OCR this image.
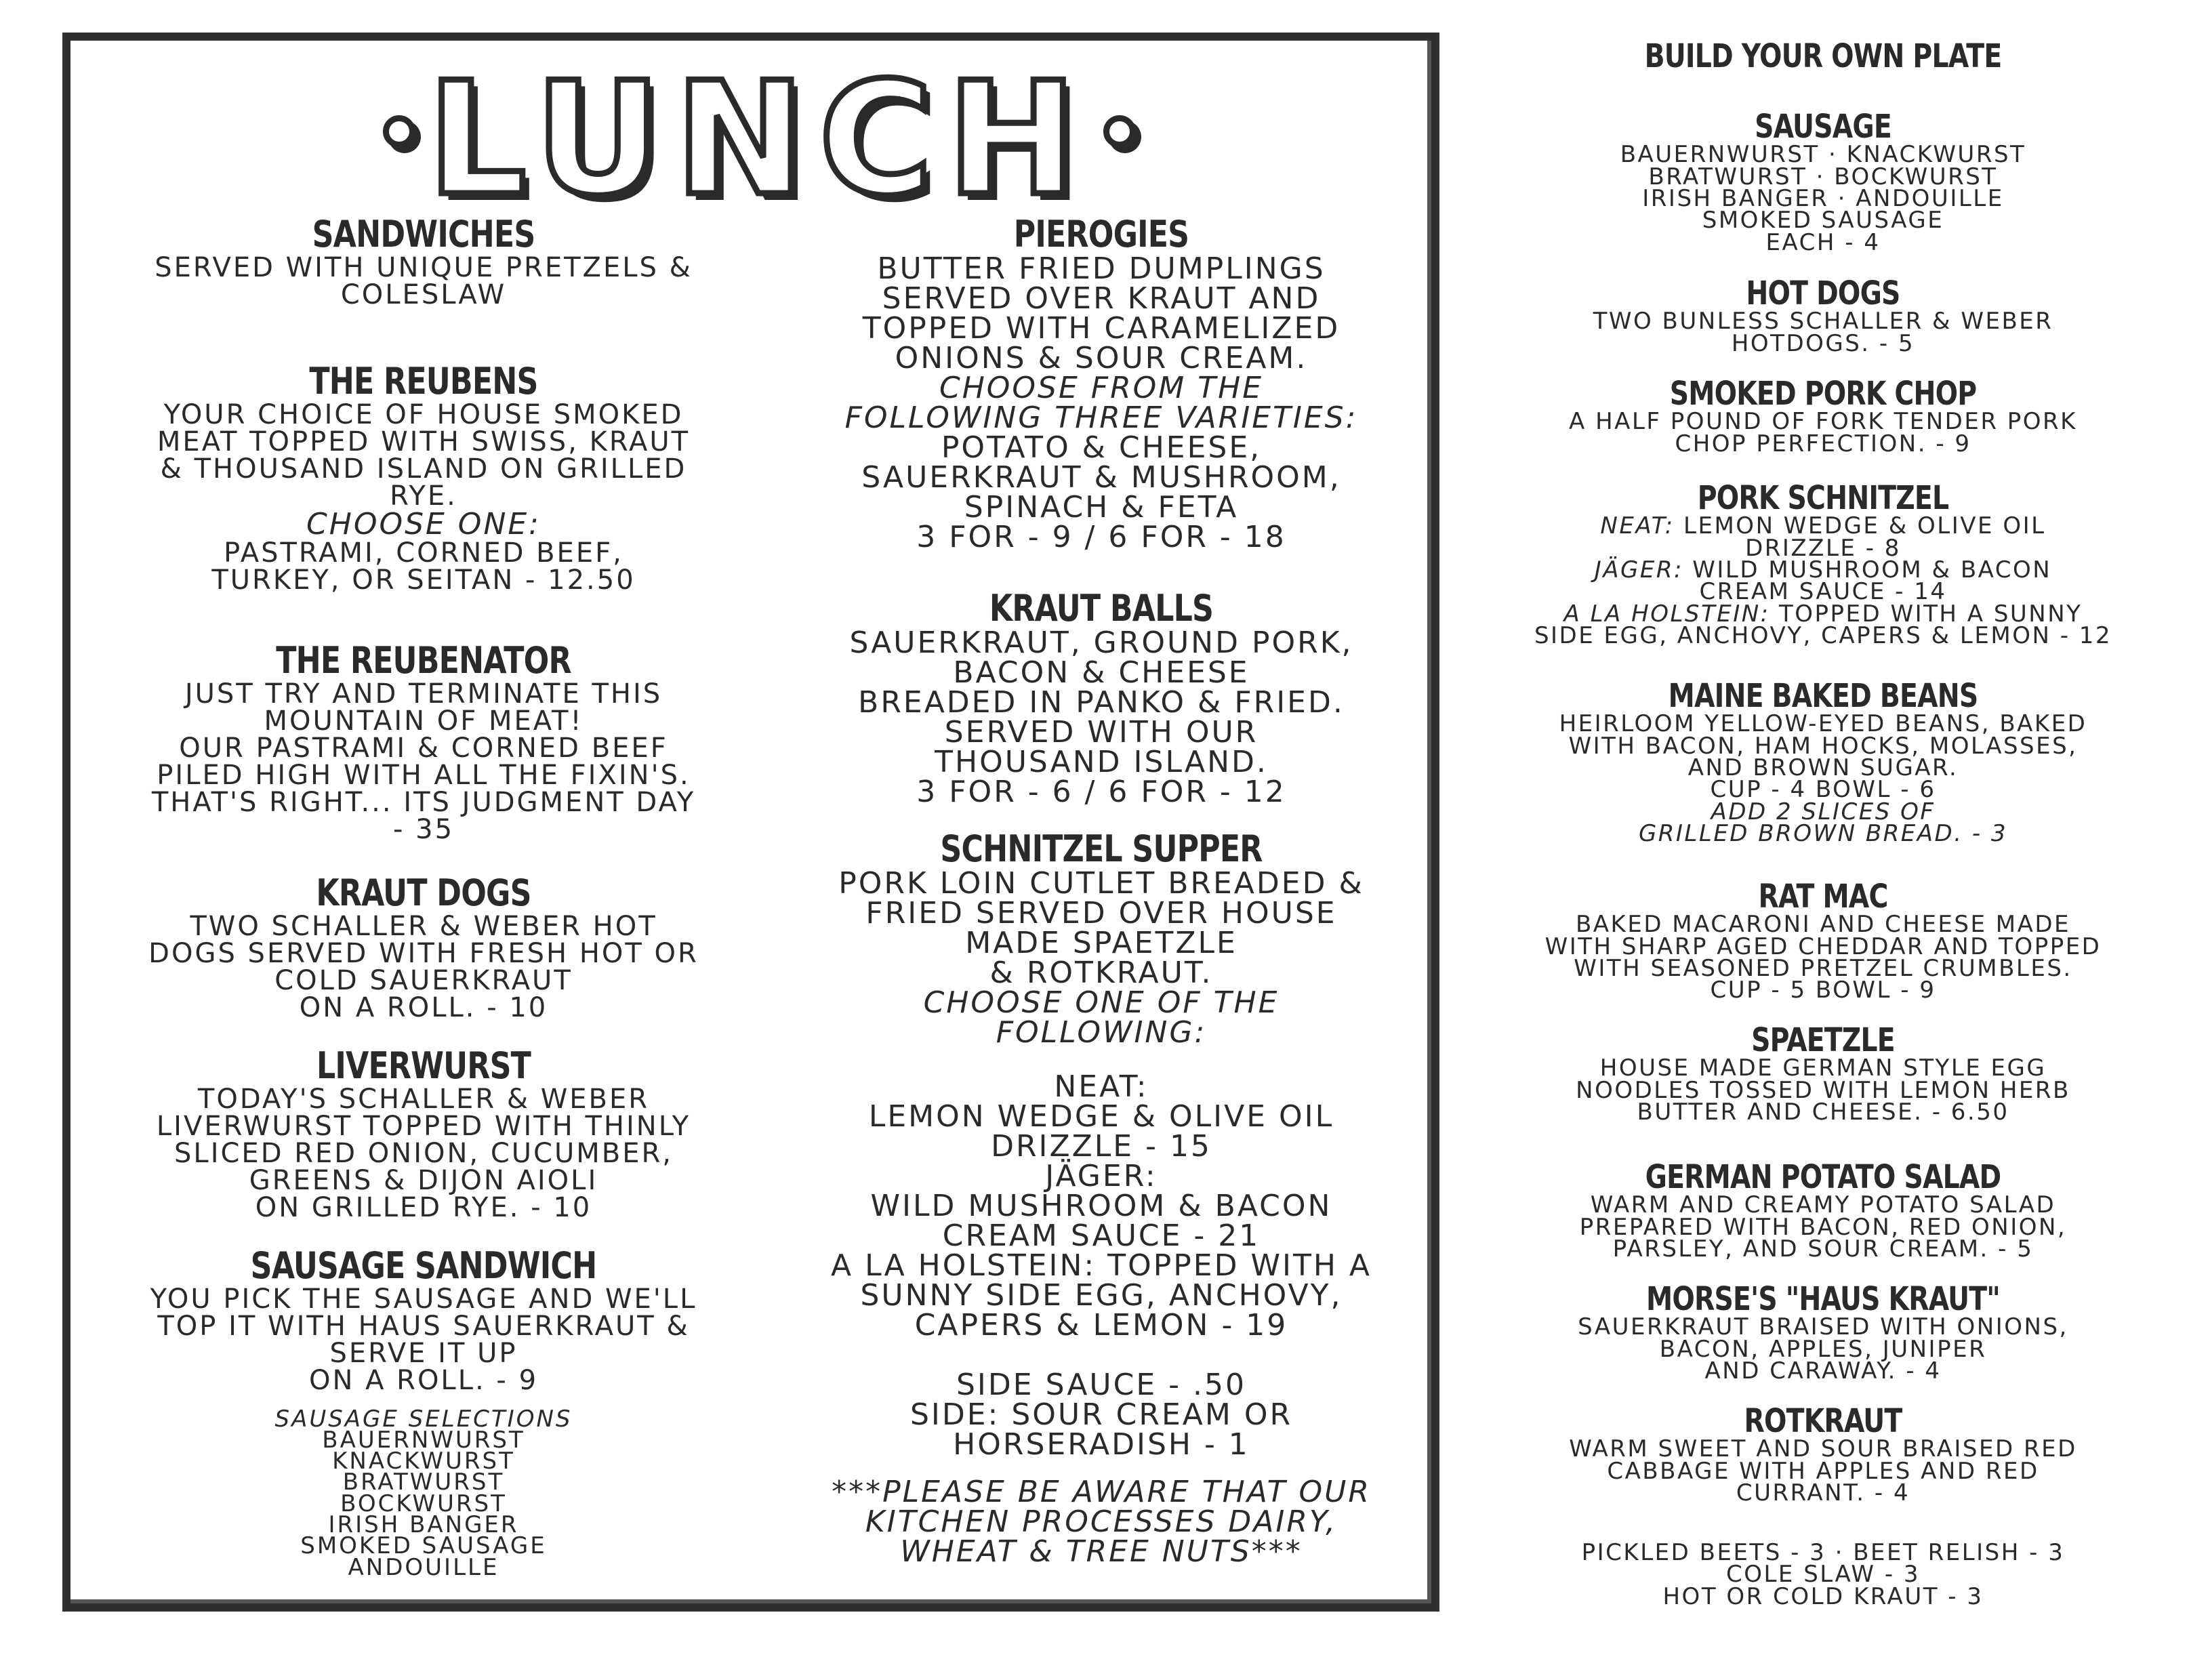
LUNCH
SANDWICHES
SERVED WITH UNIQUE PRETZELS &
COLESLAW
THE REUBENS
YOUR CHOICE OF HOUSE SMOKED
MEAT TOPPED WITH SWISS, KRAUT
& THOUSAND ISLAND ON GRILLED
RYE.
CHOOSE ONE:
PASTRAMI, CORNED BEEF,
TURKEY, OR SEITAN - 12.50
THE REUBENATOR
JUST TRY AND TERMINATE THIS
MOUNTAIN OF MEAT!
OUR PASTRAMI & CORNED BEEF
PILED HIGH WITH ALL THE FIXIN'S.
THAT'S RIGHT... ITS JUDGMENT DAY
- 35
KRAUT DOGS
TWO SCHALLER & WEBER HOT
DOGS SERVED WITH FRESH HOT OR
COLD SAUERKRAUT
ON A ROLL. - 10
LIVERWURST
TODAY'S SCHALLER & WEBER
LIVERWURST TOPPED WITH THINLY
SLICED RED ONION, CUCUMBER,
GREENS & DIJON AIOLI
ON GRILLED RYE. - 10
SAUSAGE SANDWICH
YOU PICK THE SAUSAGE AND WE'LL
TOP IT WITH HAUS SAUERKRAUT &
SERVE IT UP
ON A ROLL. - 9
SAUSAGE SELECTIONS
BAUERNWURST
KNACKWURST
BRATWURST
BOCKWURST
IRISH BANGER
SMOKED SAUSAGE
ANDOUILLE
PIEROGIES
BUTTER FRIED DUMPLINGS
SERVED OVER KRAUT AND
TOPPED WITH CARAMELIZED
ONIONS & SOUR CREAM.
CHOOSE FROM THE
FOLLOWING THREE VARIETIES:
POTATO & CHEESE,
SAUERKRAUT & MUSHROOM,
SPINACH & FETA
3 FOR - 9 / 6 FOR - 18
KRAUT BALLS
SAUERKRAUT, GROUND PORK,
BACON & CHEESE
BREADED IN PANKO & FRIED.
SERVED WITH OUR
THOUSAND ISLAND.
3 FOR - 6 / 6 FOR - 12
SCHNITZEL SUPPER
PORK LOIN CUTLET BREADED &
FRIED SERVED OVER HOUSE
MADE SPAETZLE
& ROTKRAUT.
CHOOSE ONE OF THE
FOLLOWING:
NEAT:
LEMON WEDGE & OLIVE OIL
DRIZZLE - 15
JÄGER:
WILD MUSHROOM & BACON
CREAM SAUCE - 21
A LA HOLSTEIN: TOPPED WITH A
SUNNY SIDE EGG, ANCHOVY,
CAPERS & LEMON - 19
SIDE SAUCE - .50
SIDE: SOUR CREAM OR
HORSERADISH - 1
***PLEASE BE AWARE THAT OUR
KITCHEN PROCESSES DAIRY,
WHEAT & TREE NUTS***
BUILD YOUR OWN PLATE
SAUSAGE
BAUERNWURST · KNACKWURST
BRATWURST · BOCKWURST
IRISH BANGER · ANDOUILLE
SMOKED SAUSAGE
EACH - 4
HOT DOGS
TWO BUNLESS SCHALLER & WEBER
HOTDOGS. - 5
SMOKED PORK CHOP
A HALF POUND OF FORK TENDER PORK
CHOP PERFECTION. - 9
PORK SCHNITZEL
NEAT: LEMON WEDGE & OLIVE OIL
DRIZZLE - 8
JÄGER: WILD MUSHROOM & BACON
CREAM SAUCE - 14
A LA HOLSTEIN: TOPPED WITH A SUNNY
SIDE EGG, ANCHOVY, CAPERS & LEMON - 12
MAINE BAKED BEANS
HEIRLOOM YELLOW-EYED BEANS, BAKED
WITH BACON, HAM HOCKS, MOLASSES,
AND BROWN SUGAR.
CUP - 4 BOWL - 6
ADD 2 SLICES OF
GRILLED BROWN BREAD. - 3
RAT MAC
BAKED MACARONI AND CHEESE MADE
WITH SHARP AGED CHEDDAR AND TOPPED
WITH SEASONED PRETZEL CRUMBLES.
CUP - 5 BOWL - 9
SPAETZLE
HOUSE MADE GERMAN STYLE EGG
NOODLES TOSSED WITH LEMON HERB
BUTTER AND CHEESE. - 6.50
GERMAN POTATO SALAD
WARM AND CREAMY POTATO SALAD
PREPARED WITH BACON, RED ONION,
PARSLEY, AND SOUR CREAM. - 5
MORSE'S "HAUS KRAUT"
SAUERKRAUT BRAISED WITH ONIONS,
BACON, APPLES, JUNIPER
AND CARAWAY. - 4
ROTKRAUT
WARM SWEET AND SOUR BRAISED RED
CABBAGE WITH APPLES AND RED
CURRANT. - 4
PICKLED BEETS - 3 · BEET RELISH - 3
COLE SLAW - 3
HOT OR COLD KRAUT - 3
